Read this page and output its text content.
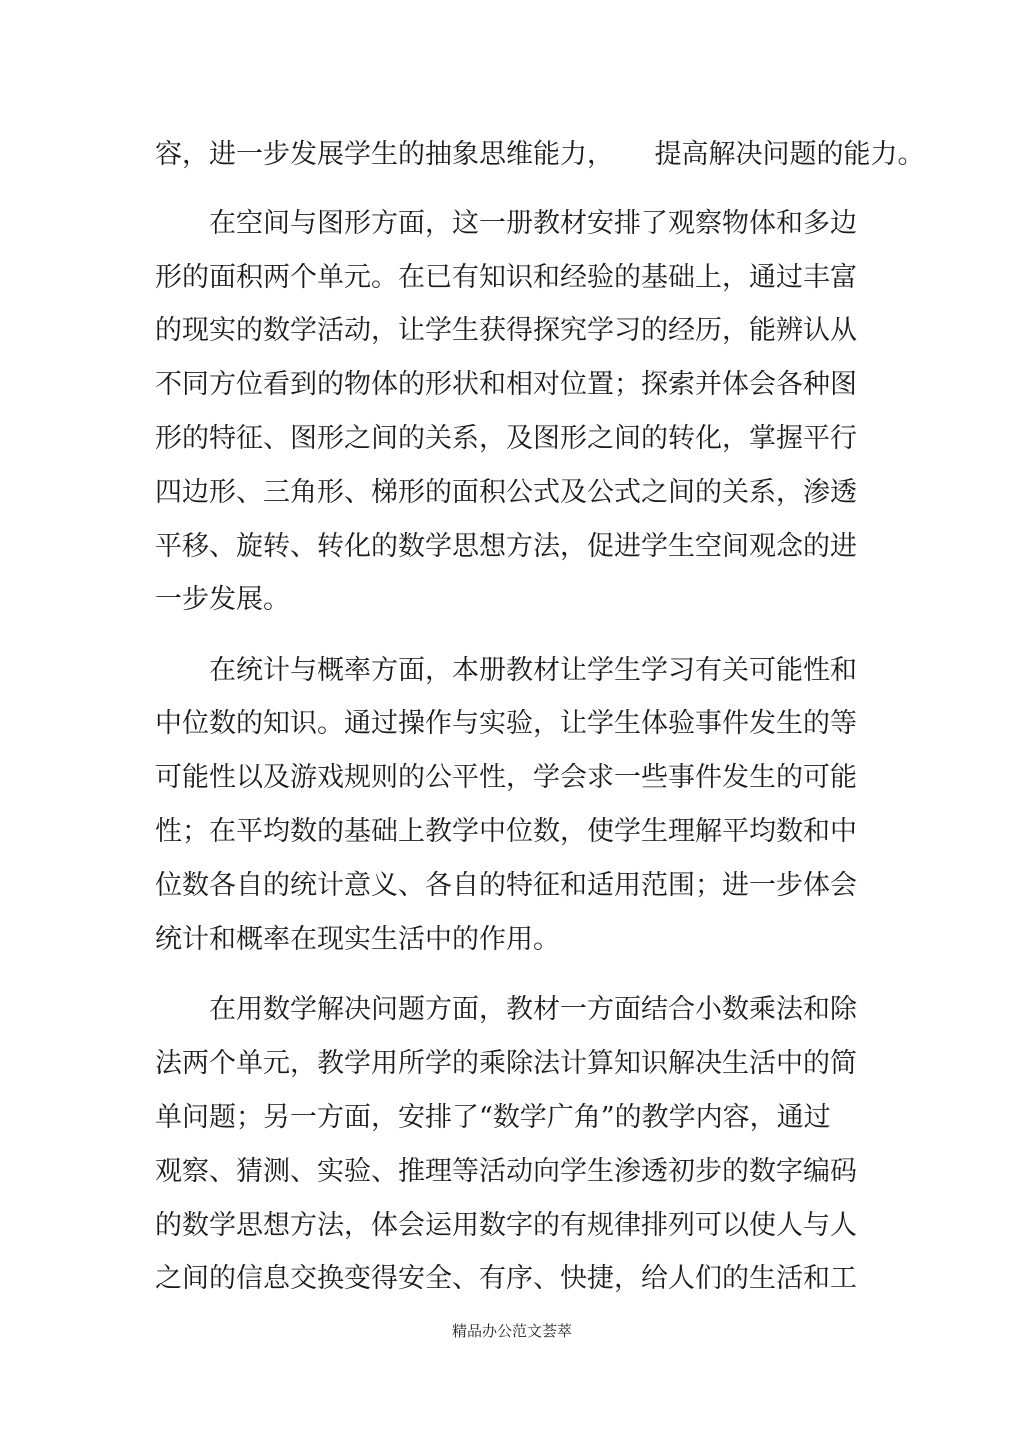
容，进一步发展学生的抽象思维能力，　　提高解决问题的能力。
在空间与图形方面，这一册教材安排了观察物体和多边
形的面积两个单元。在已有知识和经验的基础上，通过丰富
的现实的数学活动，让学生获得探究学习的经历，能辨认从
不同方位看到的物体的形状和相对位置；探索并体会各种图
形的特征、图形之间的关系，及图形之间的转化，掌握平行
四边形、三角形、梯形的面积公式及公式之间的关系，渗透
平移、旋转、转化的数学思想方法，促进学生空间观念的进
一步发展。
在统计与概率方面，本册教材让学生学习有关可能性和
中位数的知识。通过操作与实验，让学生体验事件发生的等
可能性以及游戏规则的公平性，学会求一些事件发生的可能
性；在平均数的基础上教学中位数，使学生理解平均数和中
位数各自的统计意义、各自的特征和适用范围；进一步体会
统计和概率在现实生活中的作用。
在用数学解决问题方面，教材一方面结合小数乘法和除
法两个单元，教学用所学的乘除法计算知识解决生活中的简
单问题；另一方面，安排了“数学广角”的教学内容，通过
观察、猜测、实验、推理等活动向学生渗透初步的数字编码
的数学思想方法，体会运用数字的有规律排列可以使人与人
之间的信息交换变得安全、有序、快捷，给人们的生活和工
精品办公范文荟萃
